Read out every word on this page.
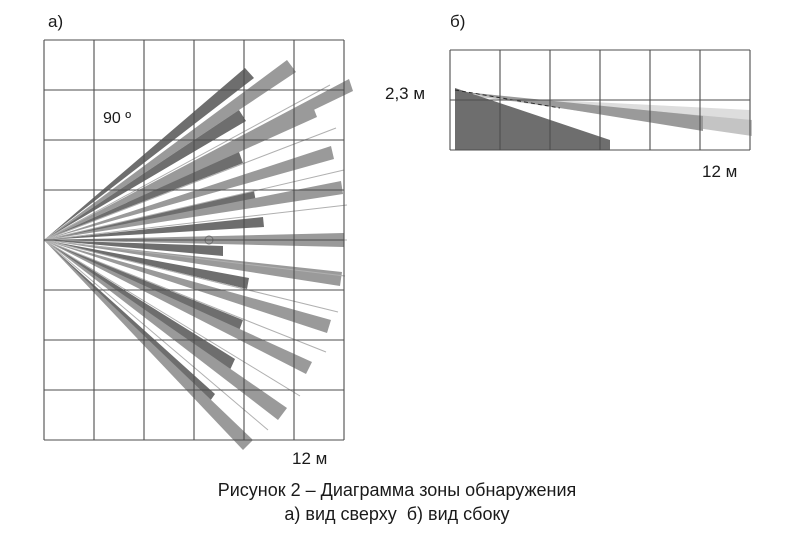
а)	б)
90 º
12 м
12 м
2,3 м
Рисунок 2 – Диаграмма зоны обнаружения
а) вид сверху  б) вид сбоку
